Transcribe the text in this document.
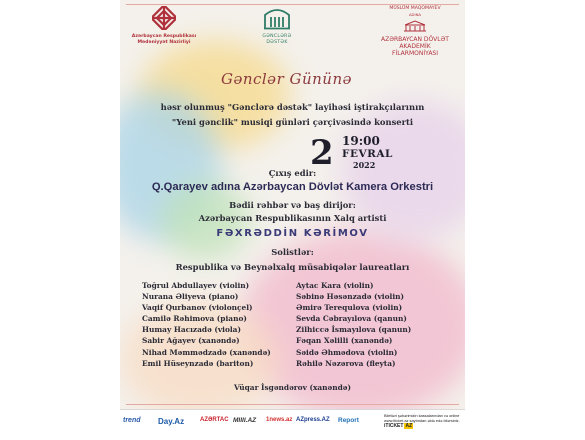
Azərbaycan Respublikası Mədəniyyət Nazirliyi
GƏNCLƏRƏ DƏSTƏK
MÜSLÜM MAQOMAYEV
ADINA
AZƏRBAYCAN DÖVLƏT AKADEMİK FİLARMONİYASI
Gənclər Gününə
həsr olunmuş "Gənclərə dəstək" layihəsi iştirakçılarının
"Yeni gənclik" musiqi günləri çərçivəsində konserti
2 19:00
FEVRAL
2022
Çıxış edir:
Q.Qarayev adına Azərbaycan Dövlət Kamera Orkestri
Bədii rəhbər və baş dirijor:
Azərbaycan Respublikasının Xalq artisti
FƏXRƏDDİN KƏRİMOV
Solistlər:
Respublika və Beynəlxalq müsabiqələr laureatları
Toğrul Abdullayev (violin)
Nurana Əliyeva (piano)
Vaqif Qurbanov (violonçel)
Camilə Rəhimova (piano)
Humay Hacızadə (viola)
Sabir Ağayev (xanəndə)
Nihad Məmmədzadə (xanəndə)
Emil Hüseynzadə (bariton)
Aytac Kara (violin)
Səbinə Həsənzadə (violin)
Əmirə Terequlova (violin)
Sevda Cəbrayılova (qanun)
Zilhiccə İsmayılova (qanun)
Fəqan Xəlilli (xanəndə)
Səidə Əhmədova (violin)
Rəhilə Nəzərova (fleyta)
Vüqar İsgəndərov (xanəndə)
trend Day.Az	AZƏRTAC MIIII.AZ 1news.az AZpress.AZ Report
Biletləri şəhərimizin kassalarından və online www.iticket.az saytından əldə edə bilərsiniz. iTICKET AZ
